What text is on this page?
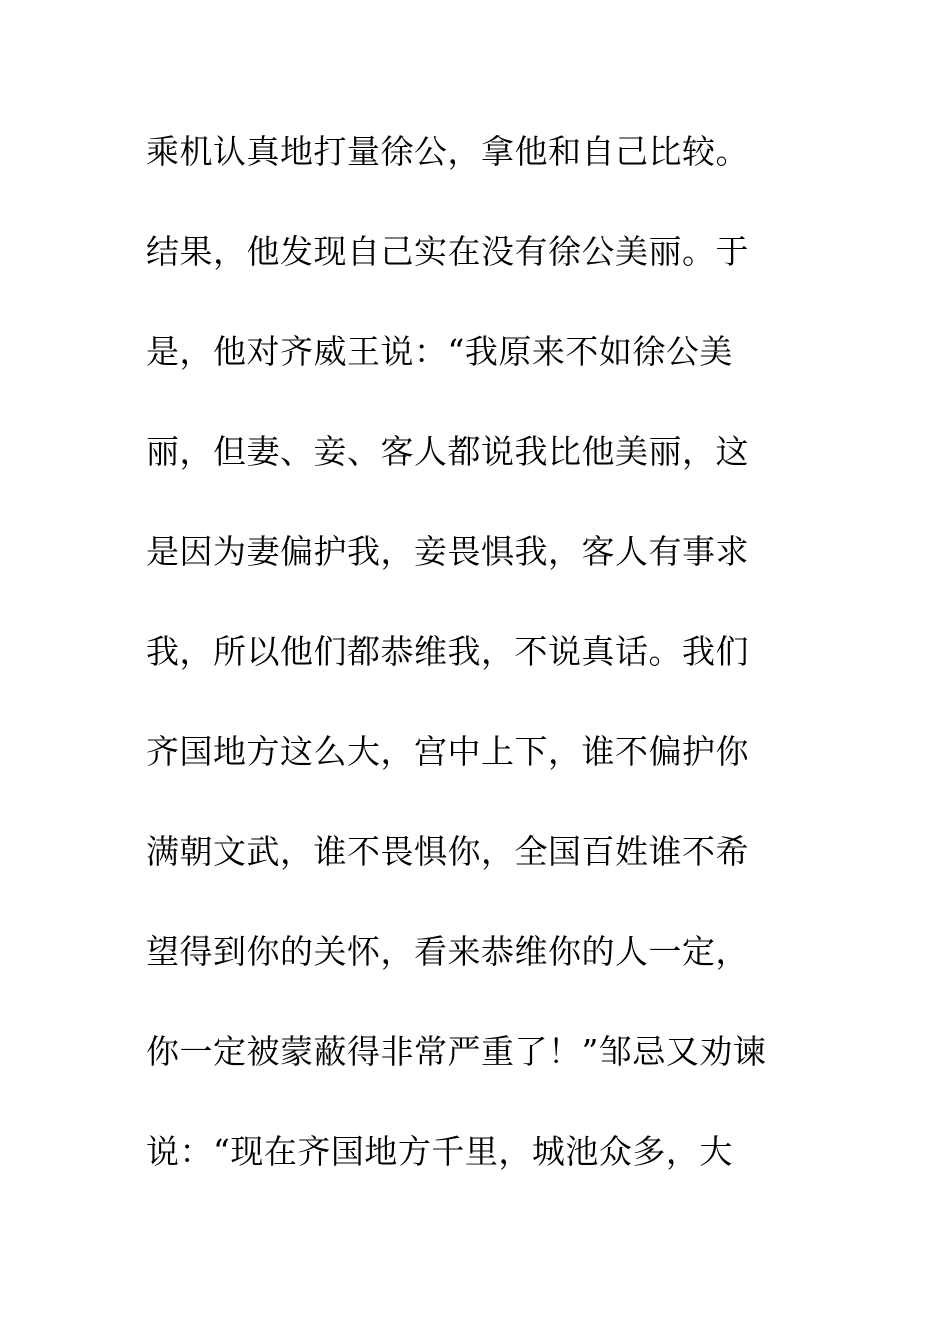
乘机认真地打量徐公，拿他和自己比较。
结果，他发现自己实在没有徐公美丽。于
是，他对齐威王说：“我原来不如徐公美
丽，但妻、妾、客人都说我比他美丽，这
是因为妻偏护我，妾畏惧我，客人有事求
我，所以他们都恭维我，不说真话。我们
齐国地方这么大，宫中上下，谁不偏护你
满朝文武，谁不畏惧你，全国百姓谁不希
望得到你的关怀，看来恭维你的人一定，
你一定被蒙蔽得非常严重了！”邹忌又劝谏
说：“现在齐国地方千里，城池众多，大
